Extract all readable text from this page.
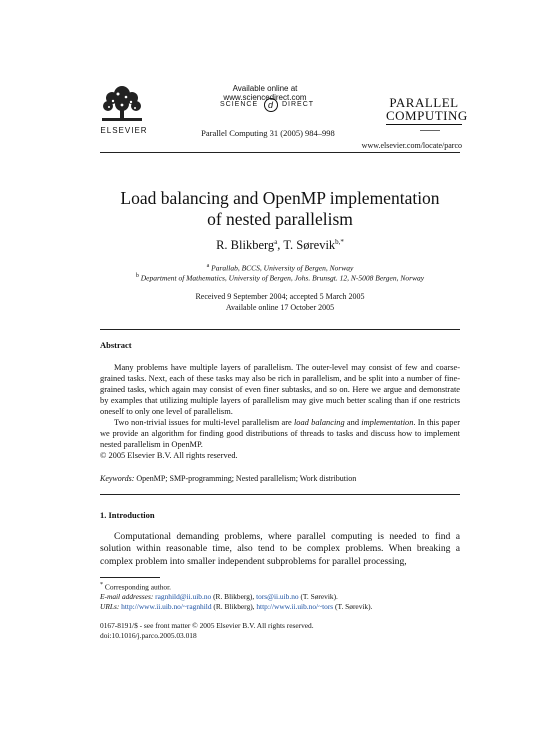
ELSEVIER
Available online at www.sciencedirect.com
SCIENCE	d	DIRECT
Parallel Computing 31 (2005) 984–998
PARALLEL
COMPUTING
www.elsevier.com/locate/parco
Load balancing and OpenMP implementation
of nested parallelism
R. Blikberg$^a$, T. Sørevik$^{b,*}$
$^a$ Parallab, BCCS, University of Bergen, Norway
$^b$ Department of Mathematics, University of Bergen, Johs. Brunsgt. 12, N-5008 Bergen, Norway
Received 9 September 2004; accepted 5 March 2005
Available online 17 October 2005
Abstract

Many problems have multiple layers of parallelism. The outer-level may consist of few and coarse-grained tasks. Next, each of these tasks may also be rich in parallelism, and be split into a number of fine-grained tasks, which again may consist of even finer subtasks, and so on. Here we argue and demonstrate by examples that utilizing multiple layers of parallelism may give much better scaling than if one restricts oneself to only one level of parallelism.

Two non-trivial issues for multi-level parallelism are load balancing and implementation. In this paper we provide an algorithm for finding good distributions of threads to tasks and discuss how to implement nested parallelism in OpenMP.

© 2005 Elsevier B.V. All rights reserved.

Keywords: OpenMP; SMP-programming; Nested parallelism; Work distribution
1. Introduction

Computational demanding problems, where parallel computing is needed to find a solution within reasonable time, also tend to be complex problems. When breaking a complex problem into smaller independent subproblems for parallel processing,

* Corresponding author.

E-mail addresses: ragnhild@ii.uib.no (R. Blikberg), tors@ii.uib.no (T. Sørevik).

URLs: http://www.ii.uib.no/~ragnhild (R. Blikberg), http://www.ii.uib.no/~tors (T. Sørevik).

0167-8191/$ - see front matter © 2005 Elsevier B.V. All rights reserved.

doi:10.1016/j.parco.2005.03.018
